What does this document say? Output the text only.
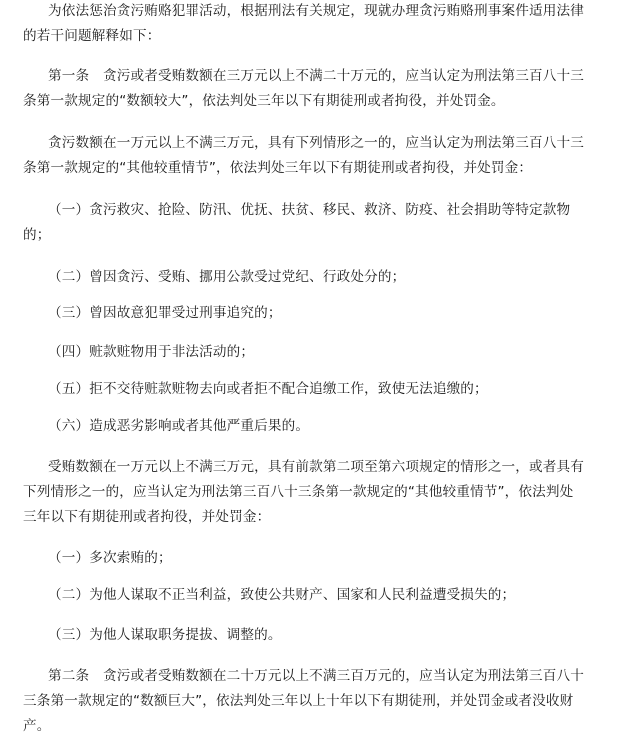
为依法惩治贪污贿赂犯罪活动，根据刑法有关规定，现就办理贪污贿赂刑事案件适用法律
的若干问题解释如下：
第一条　贪污或者受贿数额在三万元以上不满二十万元的，应当认定为刑法第三百八十三
条第一款规定的“数额较大”，依法判处三年以下有期徒刑或者拘役，并处罚金。
贪污数额在一万元以上不满三万元，具有下列情形之一的，应当认定为刑法第三百八十三
条第一款规定的“其他较重情节”，依法判处三年以下有期徒刑或者拘役，并处罚金：
（一）贪污救灾、抢险、防汛、优抚、扶贫、移民、救济、防疫、社会捐助等特定款物
的；
（二）曾因贪污、受贿、挪用公款受过党纪、行政处分的；
（三）曾因故意犯罪受过刑事追究的；
（四）赃款赃物用于非法活动的；
（五）拒不交待赃款赃物去向或者拒不配合追缴工作，致使无法追缴的；
（六）造成恶劣影响或者其他严重后果的。
受贿数额在一万元以上不满三万元，具有前款第二项至第六项规定的情形之一，或者具有
下列情形之一的，应当认定为刑法第三百八十三条第一款规定的“其他较重情节”，依法判处
三年以下有期徒刑或者拘役，并处罚金：
（一）多次索贿的；
（二）为他人谋取不正当利益，致使公共财产、国家和人民利益遭受损失的；
（三）为他人谋取职务提拔、调整的。
第二条　贪污或者受贿数额在二十万元以上不满三百万元的，应当认定为刑法第三百八十
三条第一款规定的“数额巨大”，依法判处三年以上十年以下有期徒刑，并处罚金或者没收财
产。
